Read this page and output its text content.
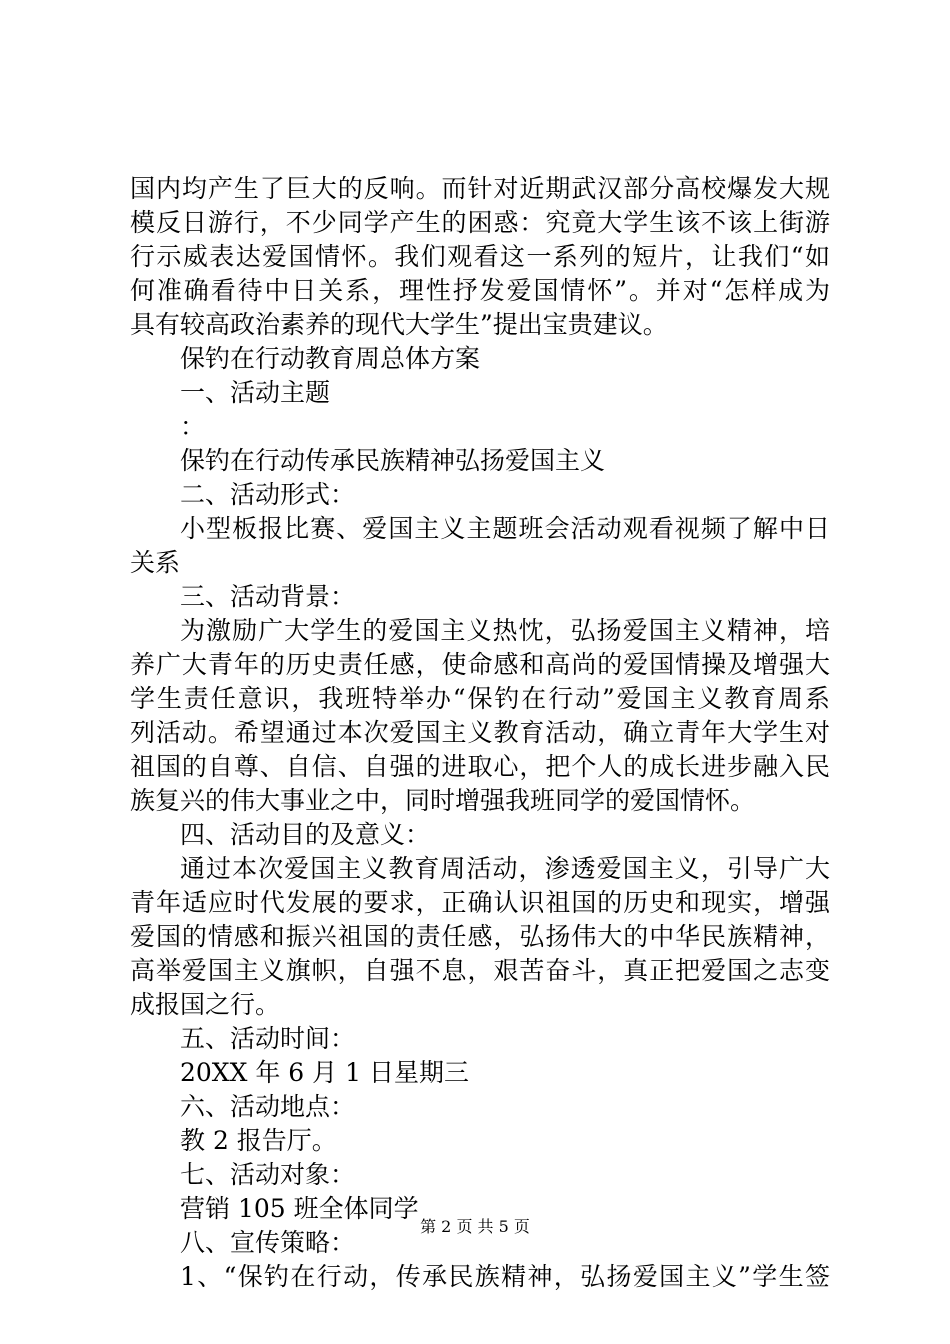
国内均产生了巨大的反响。而针对近期武汉部分高校爆发大规
模反日游行，不少同学产生的困惑：究竟大学生该不该上街游
行示威表达爱国情怀。我们观看这一系列的短片，让我们“如
何准确看待中日关系，理性抒发爱国情怀”。并对“怎样成为
具有较高政治素养的现代大学生”提出宝贵建议。
保钓在行动教育周总体方案
一、活动主题
：
保钓在行动传承民族精神弘扬爱国主义
二、活动形式：
小型板报比赛、爱国主义主题班会活动观看视频了解中日
关系
三、活动背景：
为激励广大学生的爱国主义热忱，弘扬爱国主义精神，培
养广大青年的历史责任感，使命感和高尚的爱国情操及增强大
学生责任意识，我班特举办“保钓在行动”爱国主义教育周系
列活动。希望通过本次爱国主义教育活动，确立青年大学生对
祖国的自尊、自信、自强的进取心，把个人的成长进步融入民
族复兴的伟大事业之中，同时增强我班同学的爱国情怀。
四、活动目的及意义：
通过本次爱国主义教育周活动，渗透爱国主义，引导广大
青年适应时代发展的要求，正确认识祖国的历史和现实，增强
爱国的情感和振兴祖国的责任感，弘扬伟大的中华民族精神，
高举爱国主义旗帜，自强不息，艰苦奋斗，真正把爱国之志变
成报国之行。
五、活动时间：
20XX 年 6 月 1 日星期三
六、活动地点：
教 2 报告厅。
七、活动对象：
营销 105 班全体同学
八、宣传策略：
1、“保钓在行动，传承民族精神，弘扬爱国主义”学生签
第 2 页 共 5 页
